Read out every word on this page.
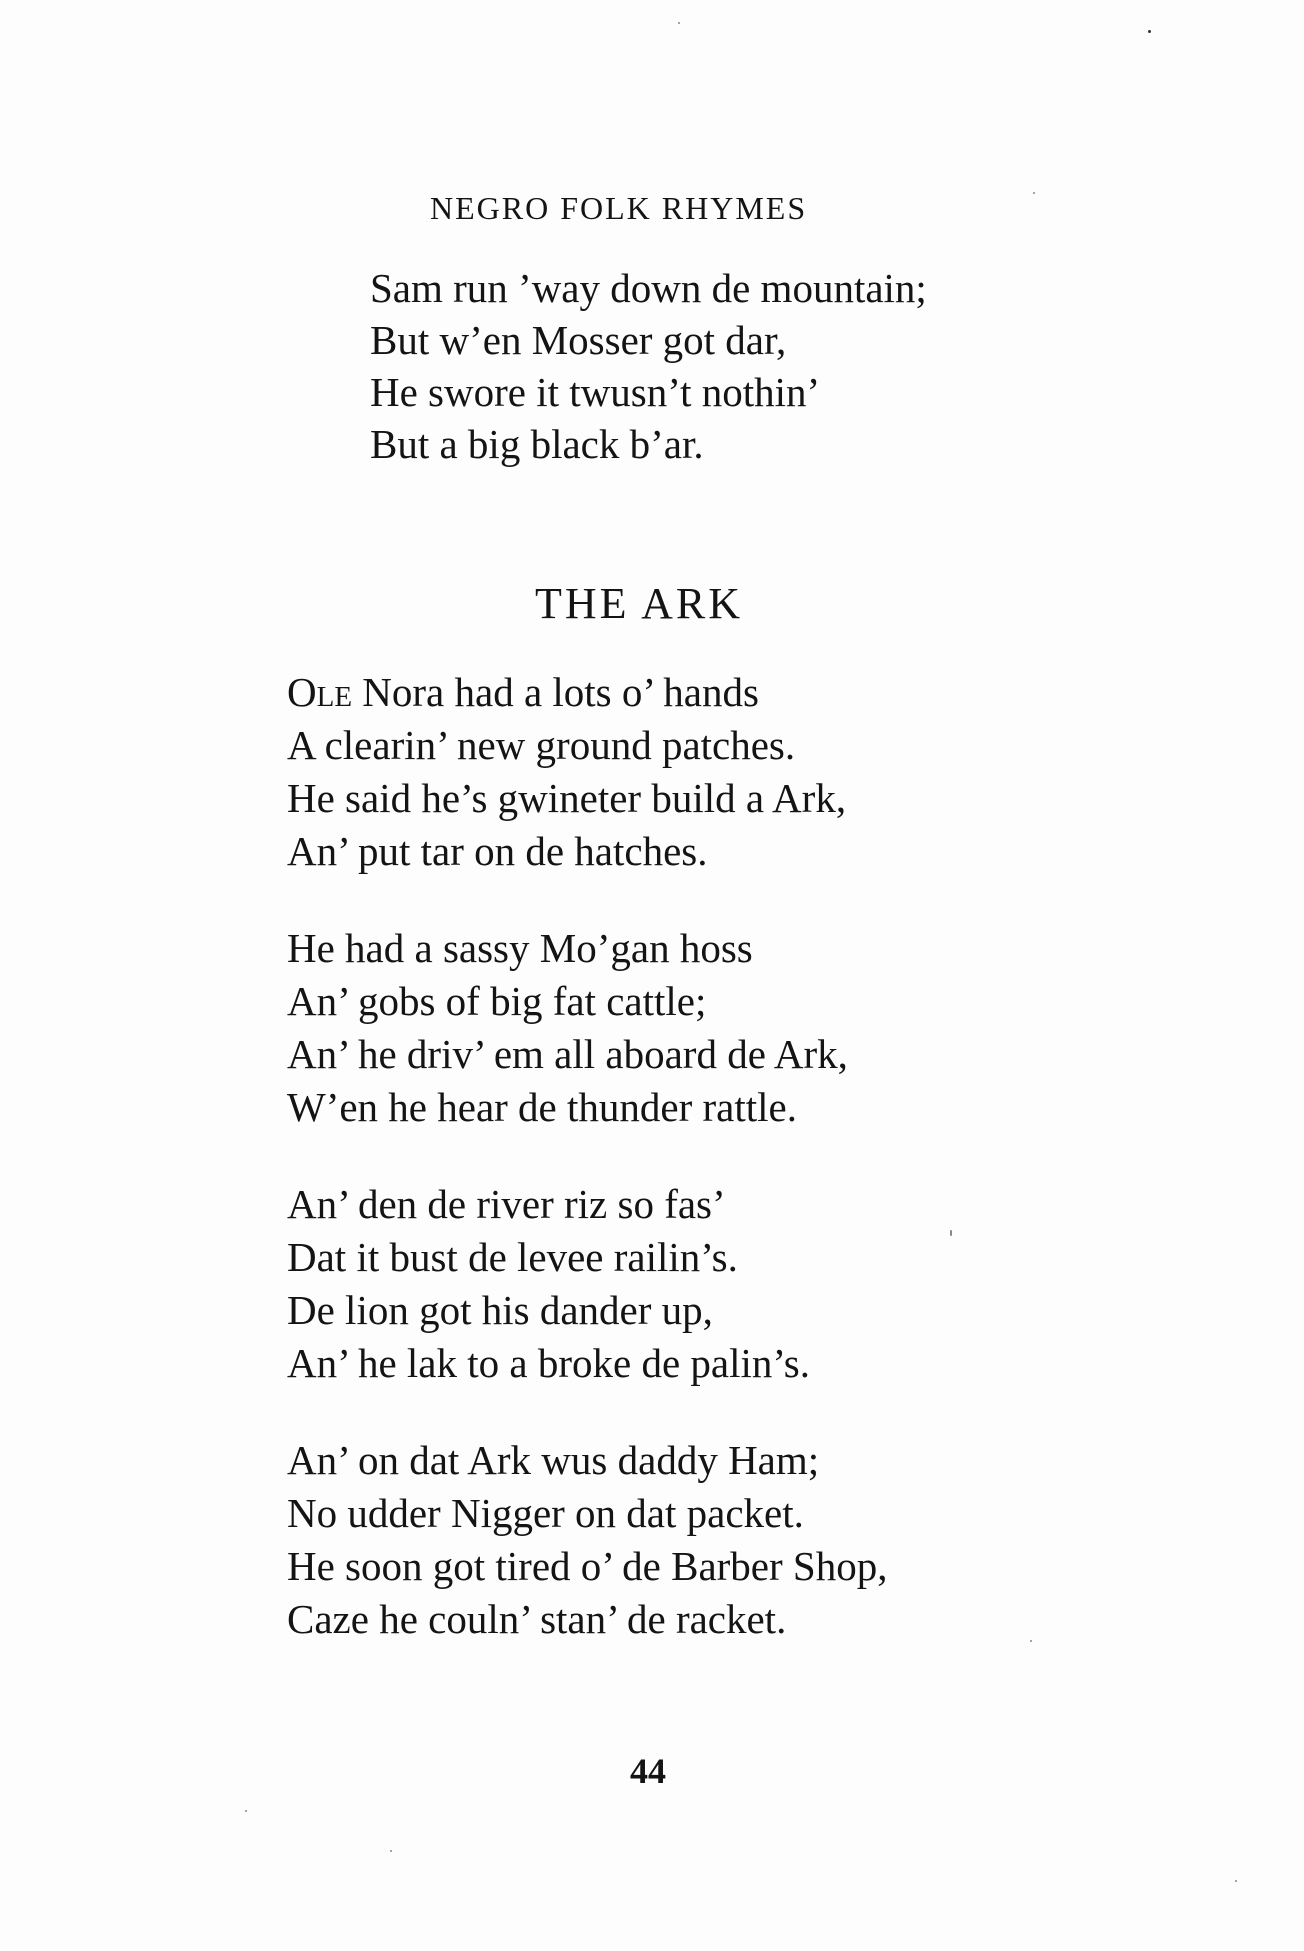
NEGRO FOLK RHYMES
Sam run ’way down de mountain;
But w’en Mosser got dar,
He swore it twusn’t nothin’
But a big black b’ar.
THE ARK
Ole Nora had a lots o’ hands
A clearin’ new ground patches.
He said he’s gwineter build a Ark,
An’ put tar on de hatches.
He had a sassy Mo’gan hoss
An’ gobs of big fat cattle;
An’ he driv’ em all aboard de Ark,
W’en he hear de thunder rattle.
An’ den de river riz so fas’
Dat it bust de levee railin’s.
De lion got his dander up,
An’ he lak to a broke de palin’s.
An’ on dat Ark wus daddy Ham;
No udder Nigger on dat packet.
He soon got tired o’ de Barber Shop,
Caze he couln’ stan’ de racket.
44
